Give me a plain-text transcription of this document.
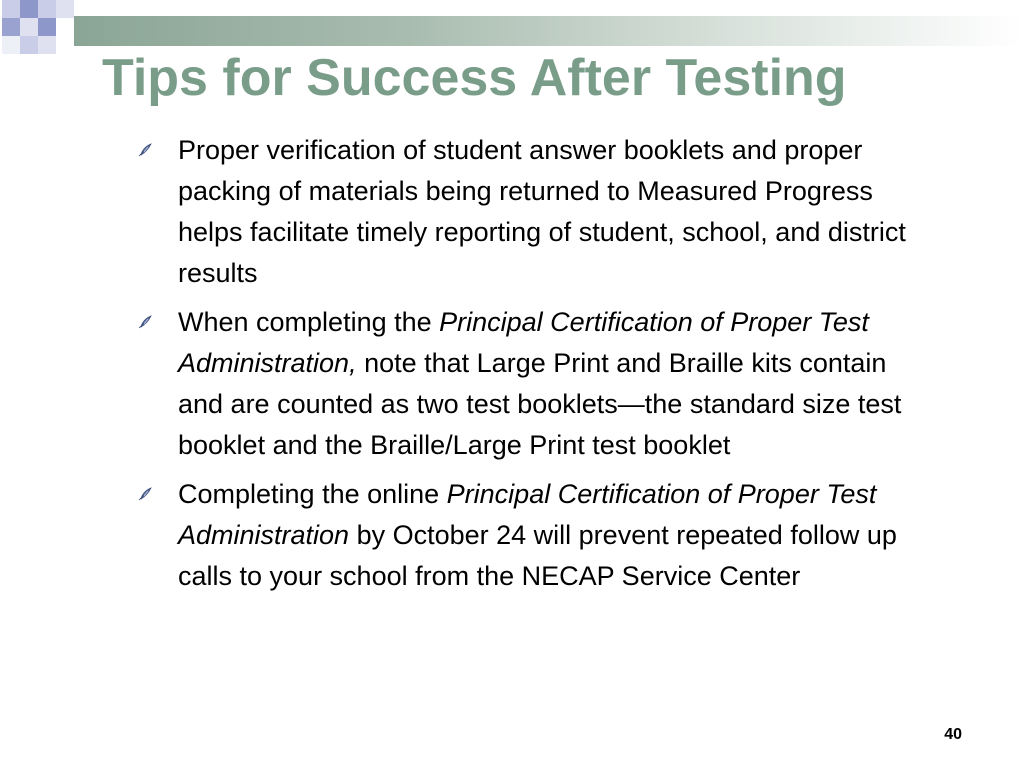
Tips for Success After Testing
Proper verification of student answer booklets and proper packing of materials being returned to Measured Progress helps facilitate timely reporting of student, school, and district results
When completing the Principal Certification of Proper Test Administration, note that Large Print and Braille kits contain and are counted as two test booklets—the standard size test booklet and the Braille/Large Print test booklet
Completing the online Principal Certification of Proper Test Administration by October 24 will prevent repeated follow up calls to your school from the NECAP Service Center
40
